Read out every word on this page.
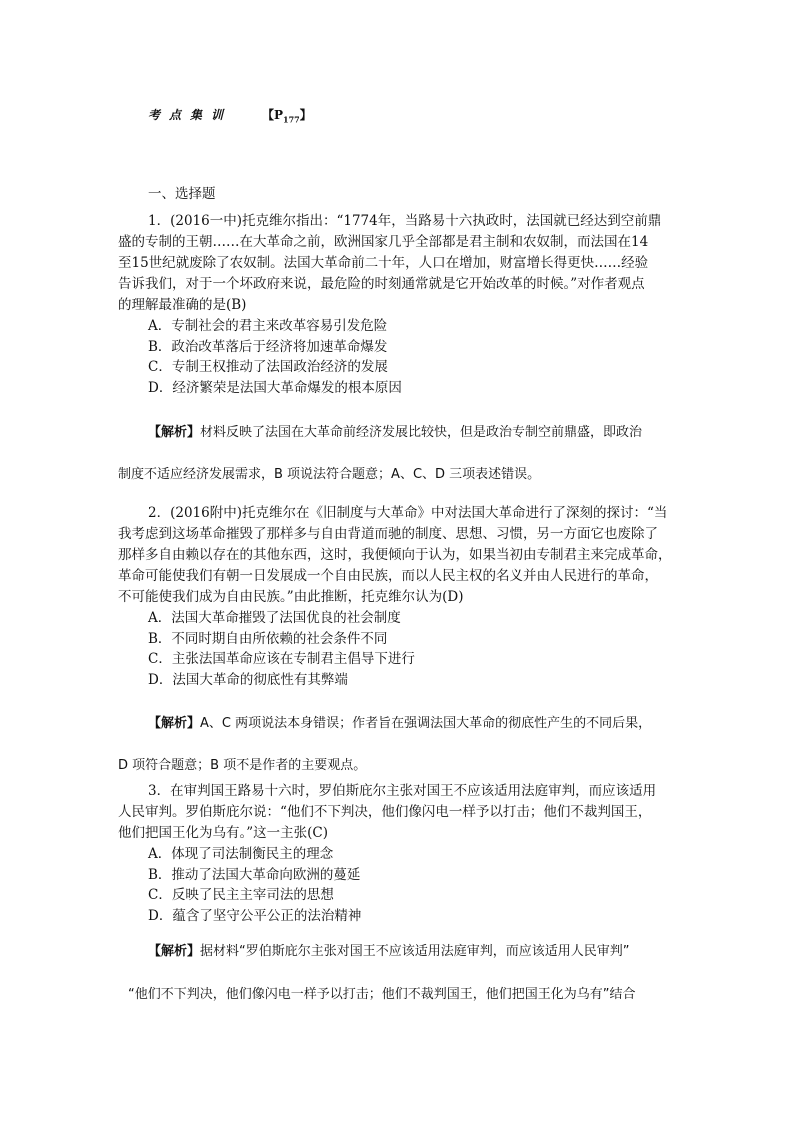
考点集训	【$P_{177}$】
一、选择题

1．(2016一中)托克维尔指出：“1774年，当路易十六执政时，法国就已经达到空前鼎

盛的专制的王朝……在大革命之前，欧洲国家几乎全部都是君主制和农奴制，而法国在14

至15世纪就废除了农奴制。法国大革命前二十年，人口在增加，财富增长得更快……经验

告诉我们，对于一个坏政府来说，最危险的时刻通常就是它开始改革的时候。”对作者观点

的理解最准确的是(B)

A．专制社会的君主来改革容易引发危险
B．政治改革落后于经济将加速革命爆发
C．专制王权推动了法国政治经济的发展
D．经济繁荣是法国大革命爆发的根本原因
【解析】材料反映了法国在大革命前经济发展比较快，但是政治专制空前鼎盛，即政治
制度不适应经济发展需求，B 项说法符合题意；A、C、D 三项表述错误。

2．(2016附中)托克维尔在《旧制度与大革命》中对法国大革命进行了深刻的探讨：“当

我考虑到这场革命摧毁了那样多与自由背道而驰的制度、思想、习惯，另一方面它也废除了

那样多自由赖以存在的其他东西，这时，我便倾向于认为，如果当初由专制君主来完成革命，

革命可能使我们有朝一日发展成一个自由民族，而以人民主权的名义并由人民进行的革命，

不可能使我们成为自由民族。”由此推断，托克维尔认为(D)

A．法国大革命摧毁了法国优良的社会制度
B．不同时期自由所依赖的社会条件不同
C．主张法国革命应该在专制君主倡导下进行
D．法国大革命的彻底性有其弊端
【解析】A、C 两项说法本身错误；作者旨在强调法国大革命的彻底性产生的不同后果，
D 项符合题意；B 项不是作者的主要观点。

3．在审判国王路易十六时，罗伯斯庇尔主张对国王不应该适用法庭审判，而应该适用

人民审判。罗伯斯庇尔说：“他们不下判决，他们像闪电一样予以打击；他们不裁判国王，

他们把国王化为乌有。”这一主张(C)

A．体现了司法制衡民主的理念
B．推动了法国大革命向欧洲的蔓延
C．反映了民主主宰司法的思想
D．蕴含了坚守公平公正的法治精神
【解析】据材料“罗伯斯庇尔主张对国王不应该适用法庭审判，而应该适用人民审判”
“他们不下判决，他们像闪电一样予以打击；他们不裁判国王，他们把国王化为乌有”结合
